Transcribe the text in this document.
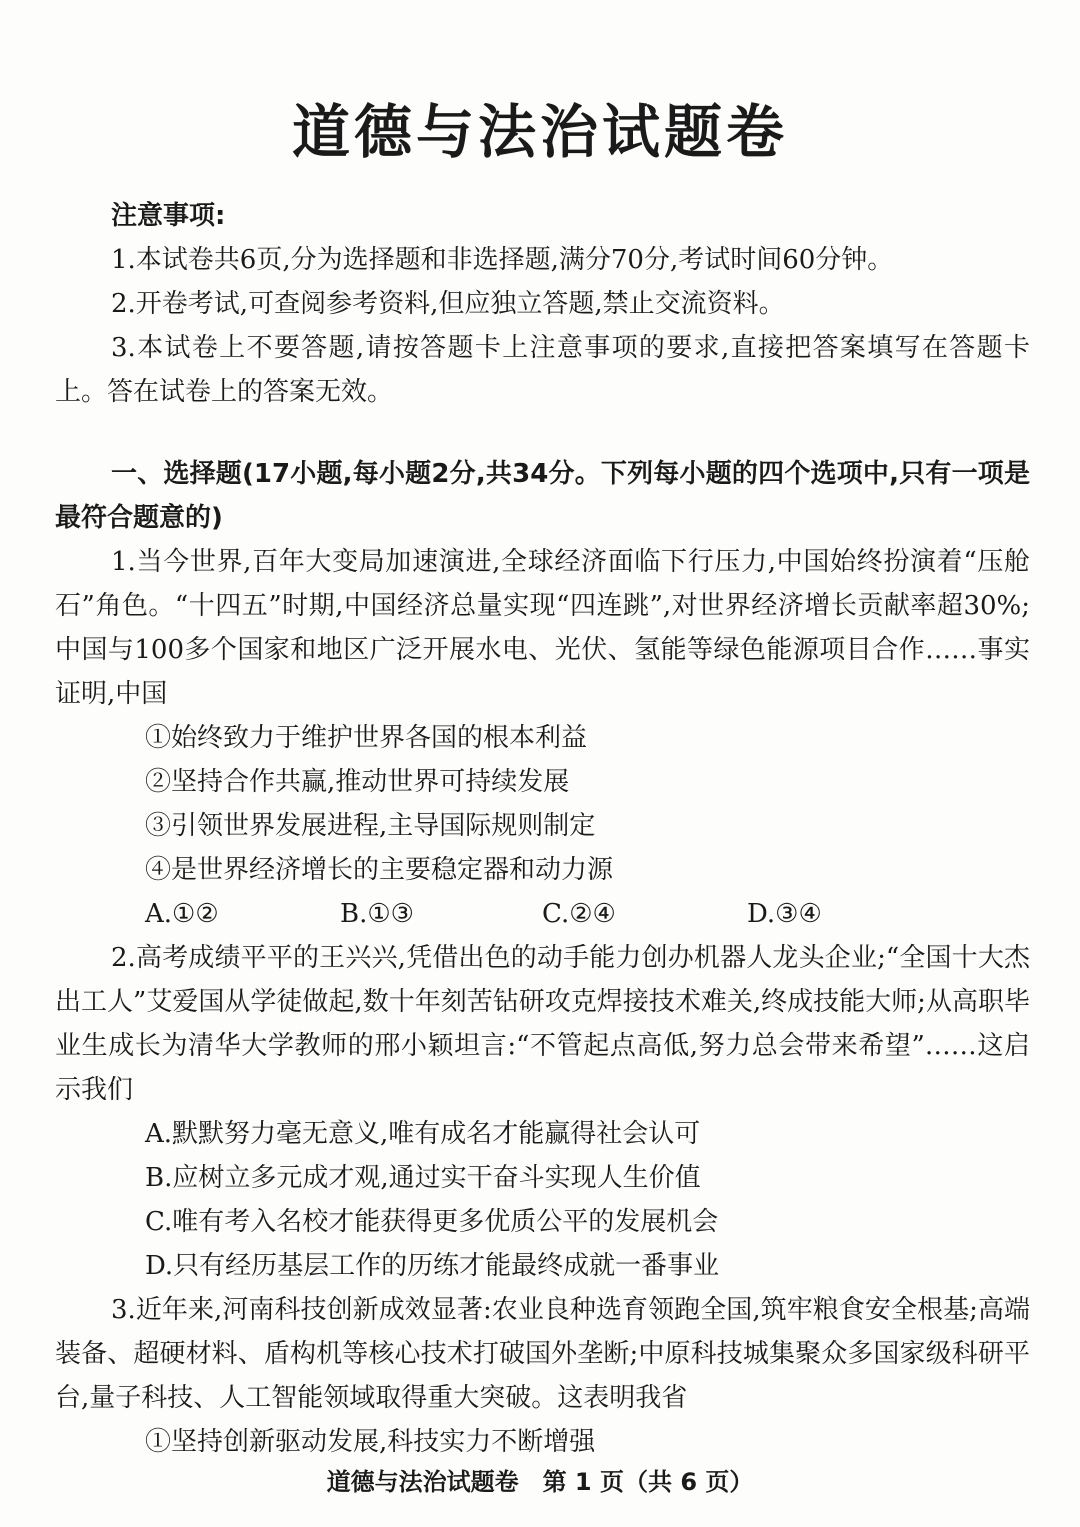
道德与法治试题卷

注意事项:

1.本试卷共6页,分为选择题和非选择题,满分70分,考试时间60分钟。

2.开卷考试,可查阅参考资料,但应独立答题,禁止交流资料。

3.本试卷上不要答题,请按答题卡上注意事项的要求,直接把答案填写在答题卡上。答在试卷上的答案无效。

一、选择题(17小题,每小题2分,共34分。下列每小题的四个选项中,只有一项是最符合题意的)

1.当今世界,百年大变局加速演进,全球经济面临下行压力,中国始终扮演着“压舱石”角色。“十四五”时期,中国经济总量实现“四连跳”,对世界经济增长贡献率超30%;中国与100多个国家和地区广泛开展水电、光伏、氢能等绿色能源项目合作……事实证明,中国

①始终致力于维护世界各国的根本利益

②坚持合作共赢,推动世界可持续发展

③引领世界发展进程,主导国际规则制定

④是世界经济增长的主要稳定器和动力源

A.①②	B.①③	C.②④	D.③④

2.高考成绩平平的王兴兴,凭借出色的动手能力创办机器人龙头企业;“全国十大杰出工人”艾爱国从学徒做起,数十年刻苦钻研攻克焊接技术难关,终成技能大师;从高职毕业生成长为清华大学教师的邢小颖坦言:“不管起点高低,努力总会带来希望”……这启示我们

A.默默努力毫无意义,唯有成名才能赢得社会认可

B.应树立多元成才观,通过实干奋斗实现人生价值

C.唯有考入名校才能获得更多优质公平的发展机会

D.只有经历基层工作的历练才能最终成就一番事业

3.近年来,河南科技创新成效显著:农业良种选育领跑全国,筑牢粮食安全根基;高端装备、超硬材料、盾构机等核心技术打破国外垄断;中原科技城集聚众多国家级科研平台,量子科技、人工智能领域取得重大突破。这表明我省

①坚持创新驱动发展,科技实力不断增强

道德与法治试题卷　第 1 页（共 6 页）
